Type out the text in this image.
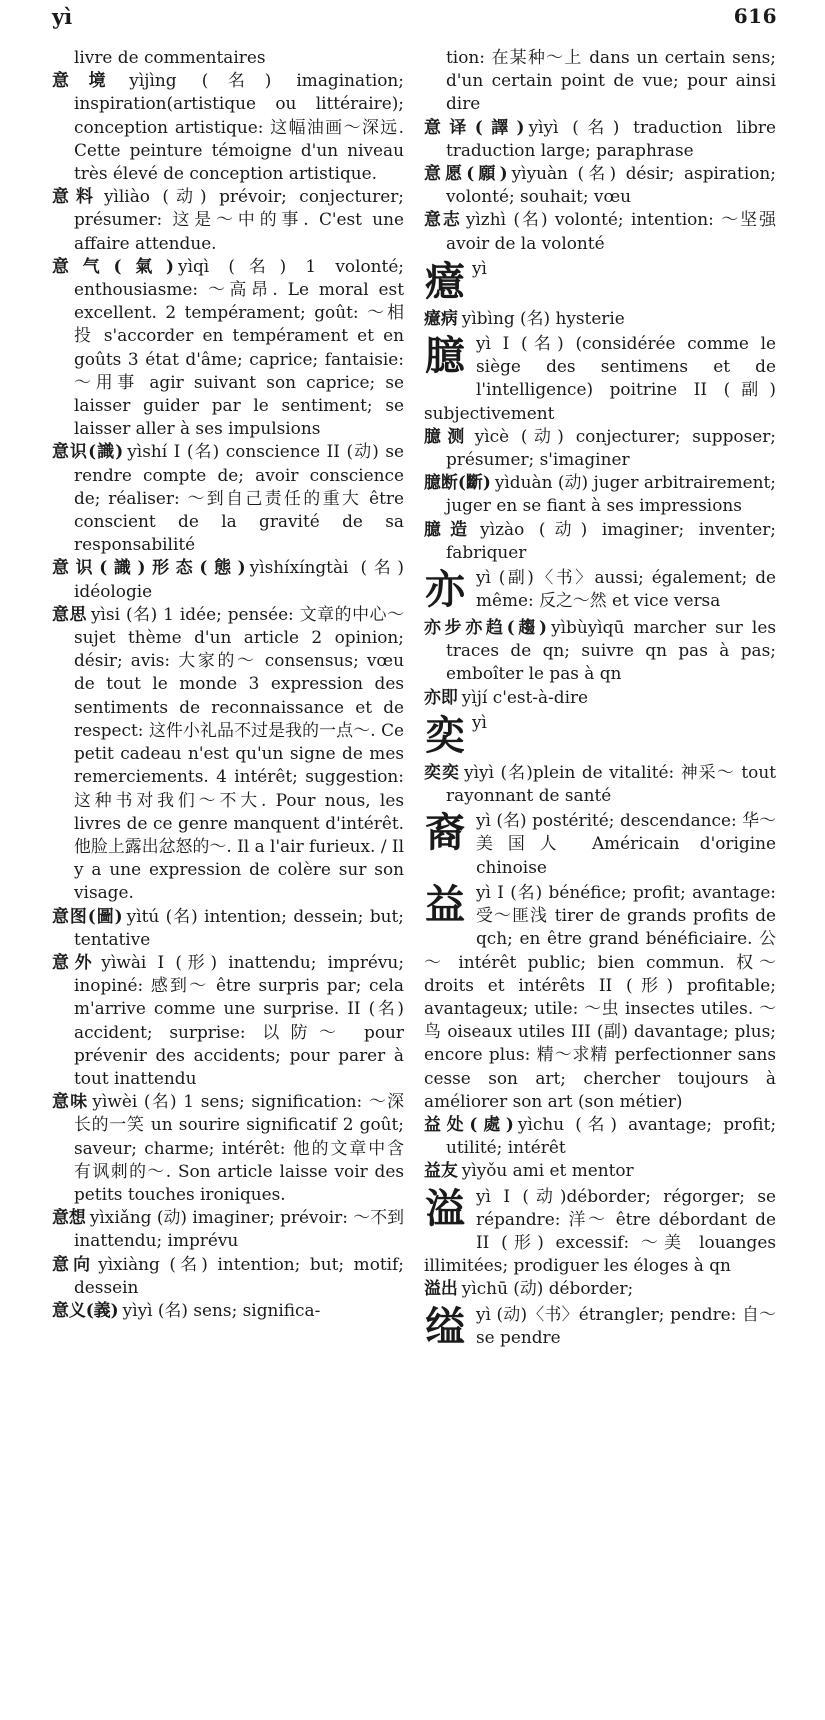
yì	616

livre de commentaires

意境 yìjìng (名) imagination; inspiration(artistique ou littéraire); conception artistique: 这幅油画～深远. Cette peinture témoigne d'un niveau très élevé de conception artistique.

意料 yìliào (动) prévoir; conjecturer; présumer: 这是～中的事. C'est une affaire attendue.

意气(氣) yìqì (名) 1 volonté; enthousiasme: ～高昂. Le moral est excellent. 2 tempérament; goût: ～相投 s'accorder en tempérament et en goûts 3 état d'âme; caprice; fantaisie: ～用事 agir suivant son caprice; se laisser guider par le sentiment; se laisser aller à ses impulsions

意识(識) yìshí I (名) conscience II (动) se rendre compte de; avoir conscience de; réaliser: ～到自己责任的重大 être conscient de la gravité de sa responsabilité

意识(識)形态(態) yìshíxíngtài (名) idéologie

意思 yìsi (名) 1 idée; pensée: 文章的中心～ sujet thème d'un article 2 opinion; désir; avis: 大家的～ consensus; vœu de tout le monde 3 expression des sentiments de reconnaissance et de respect: 这件小礼品不过是我的一点～. Ce petit cadeau n'est qu'un signe de mes remerciements. 4 intérêt; suggestion: 这种书对我们～不大. Pour nous, les livres de ce genre manquent d'intérêt. 他脸上露出忿怒的～. Il a l'air furieux. / Il y a une expression de colère sur son visage.

意图(圖) yìtú (名) intention; dessein; but; tentative

意外 yìwài I (形) inattendu; imprévu; inopiné: 感到～ être surpris par; cela m'arrive comme une surprise. II (名) accident; surprise: 以防～ pour prévenir des accidents; pour parer à tout inattendu

意味 yìwèi (名) 1 sens; signification: ～深长的一笑 un sourire significatif 2 goût; saveur; charme; intérêt: 他的文章中含有讽刺的～. Son article laisse voir des petits touches ironiques.

意想 yìxiǎng (动) imaginer; prévoir: ～不到 inattendu; imprévu

意向 yìxiàng (名) intention; but; motif; dessein

意义(義) yìyì (名) sens; significa-

tion: 在某种～上 dans un certain sens; d'un certain point de vue; pour ainsi dire

意译(譯) yìyì (名) traduction libre traduction large; paraphrase

意愿(願) yìyuàn (名) désir; aspiration; volonté; souhait; vœu

意志 yìzhì (名) volonté; intention: ～坚强 avoir de la volonté

癔yì

癔病 yìbìng (名) hysterie

臆 yì I (名) (considérée comme le siège des sentimens et de l'intelligence) poitrine II (副) subjectivement

臆测 yìcè (动) conjecturer; supposer; présumer; s'imaginer

臆断(斷) yìduàn (动) juger arbitrairement; juger en se fiant à ses impressions

臆造 yìzào (动) imaginer; inventer; fabriquer

亦 yì (副)〈书〉aussi; également; de même: 反之～然 et vice versa

亦步亦趋(趨) yìbùyìqū marcher sur les traces de qn; suivre qn pas à pas; emboîter le pas à qn

亦即 yìjí c'est-à-dire

奕yì

奕奕 yìyì (名)plein de vitalité: 神采～ tout rayonnant de santé

裔 yì (名) postérité; descendance: 华～美国人 Américain d'origine chinoise

益 yì I (名) bénéfice; profit; avantage: 受～匪浅 tirer de grands profits de qch; en être grand bénéficiaire. 公～ intérêt public; bien commun. 权～droits et intérêts II (形) profitable; avantageux; utile: ～虫 insectes utiles. ～鸟 oiseaux utiles III (副) davantage; plus; encore plus: 精～求精 perfectionner sans cesse son art; chercher toujours à améliorer son art (son métier)

益处(處) yìchu (名) avantage; profit; utilité; intérêt

益友 yìyǒu ami et mentor

溢 yì I (动)déborder; régorger; se répandre: 洋～ être débordant de II (形) excessif: ～美 louanges illimitées; prodiguer les éloges à qn

溢出 yìchū (动) déborder;

缢 yì (动)〈书〉étrangler; pendre: 自～ se pendre
